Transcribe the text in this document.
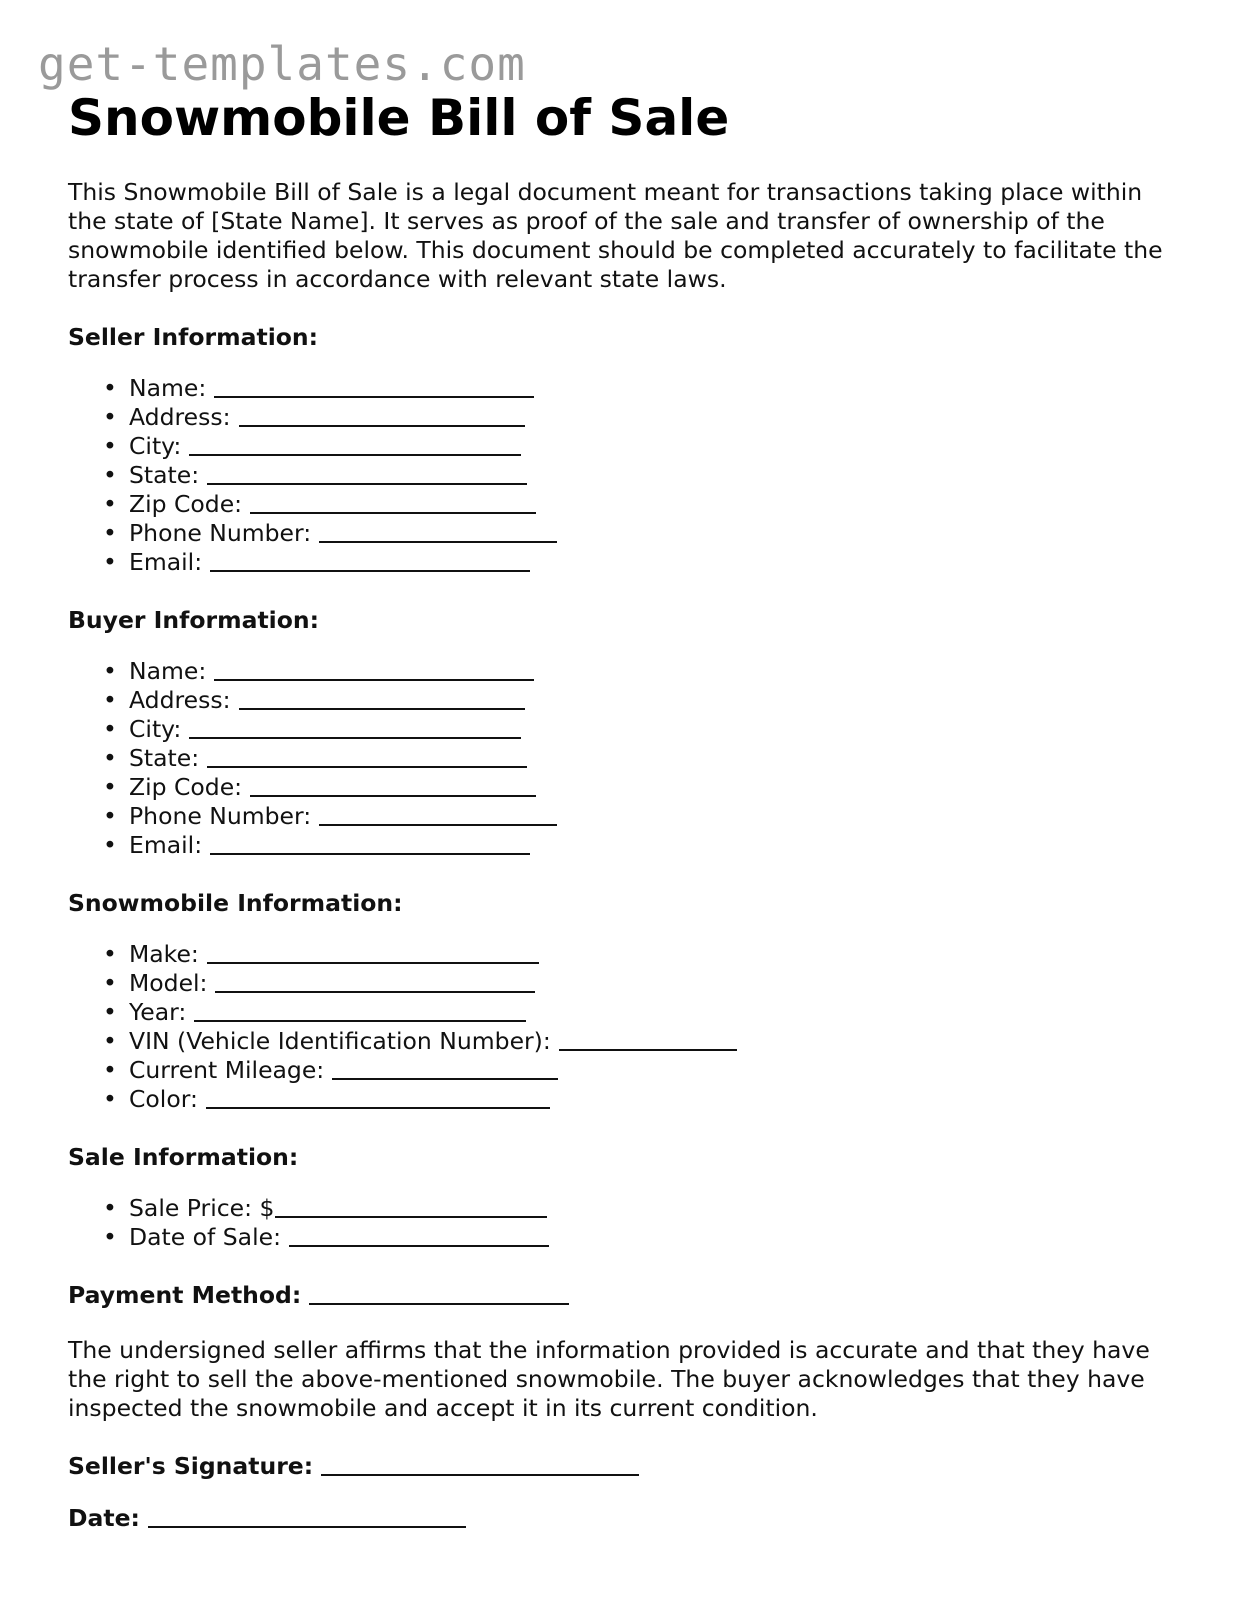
get-templates.com
Snowmobile Bill of Sale

This Snowmobile Bill of Sale is a legal document meant for transactions taking place within the state of [State Name]. It serves as proof of the sale and transfer of ownership of the snowmobile identified below. This document should be completed accurately to facilitate the transfer process in accordance with relevant state laws.

Seller Information:
• Name:
• Address:
• City:
• State:
• Zip Code:
• Phone Number:
• Email:
Buyer Information:
• Name:
• Address:
• City:
• State:
• Zip Code:
• Phone Number:
• Email:
Snowmobile Information:
• Make:
• Model:
• Year:
• VIN (Vehicle Identification Number):
• Current Mileage:
• Color:
Sale Information:
• Sale Price: $
• Date of Sale:
Payment Method:

The undersigned seller affirms that the information provided is accurate and that they have the right to sell the above-mentioned snowmobile. The buyer acknowledges that they have inspected the snowmobile and accept it in its current condition.

Seller's Signature:
Date:
